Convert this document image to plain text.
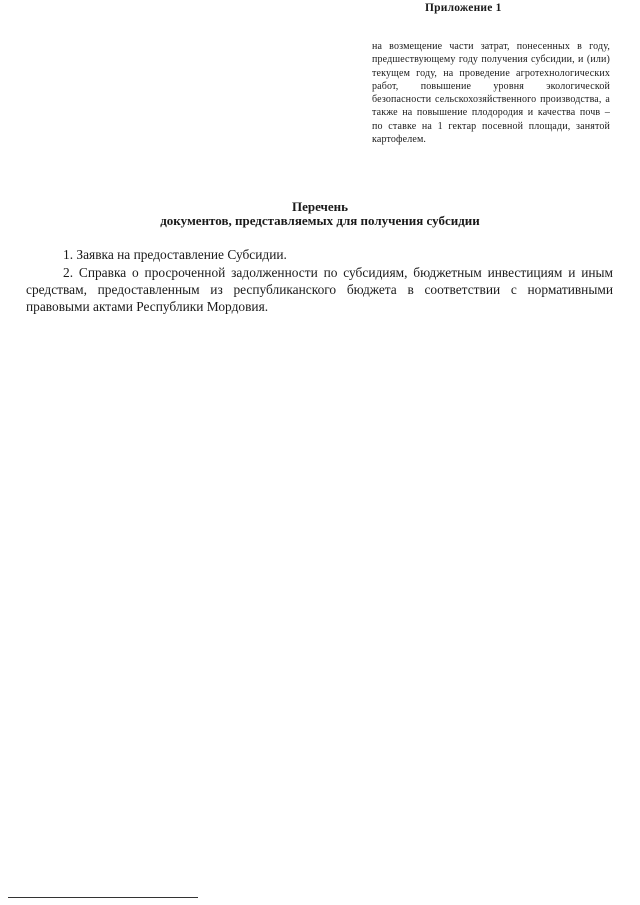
Приложение 1
на возмещение части затрат, понесенных в году, предшествующему году получения субсидии, и (или) текущем году, на проведение агротехнологических работ, повышение уровня экологической безопасности сельскохозяйственного производства, а также на повышение плодородия и качества почв – по ставке на 1 гектар посевной площади, занятой картофелем.
Перечень
документов, представляемых для получения субсидии
1. Заявка на предоставление Субсидии.
2. Справка о просроченной задолженности по субсидиям, бюджетным инвестициям и иным средствам, предоставленным из республиканского бюджета в соответствии с нормативными правовыми актами Республики Мордовия.
